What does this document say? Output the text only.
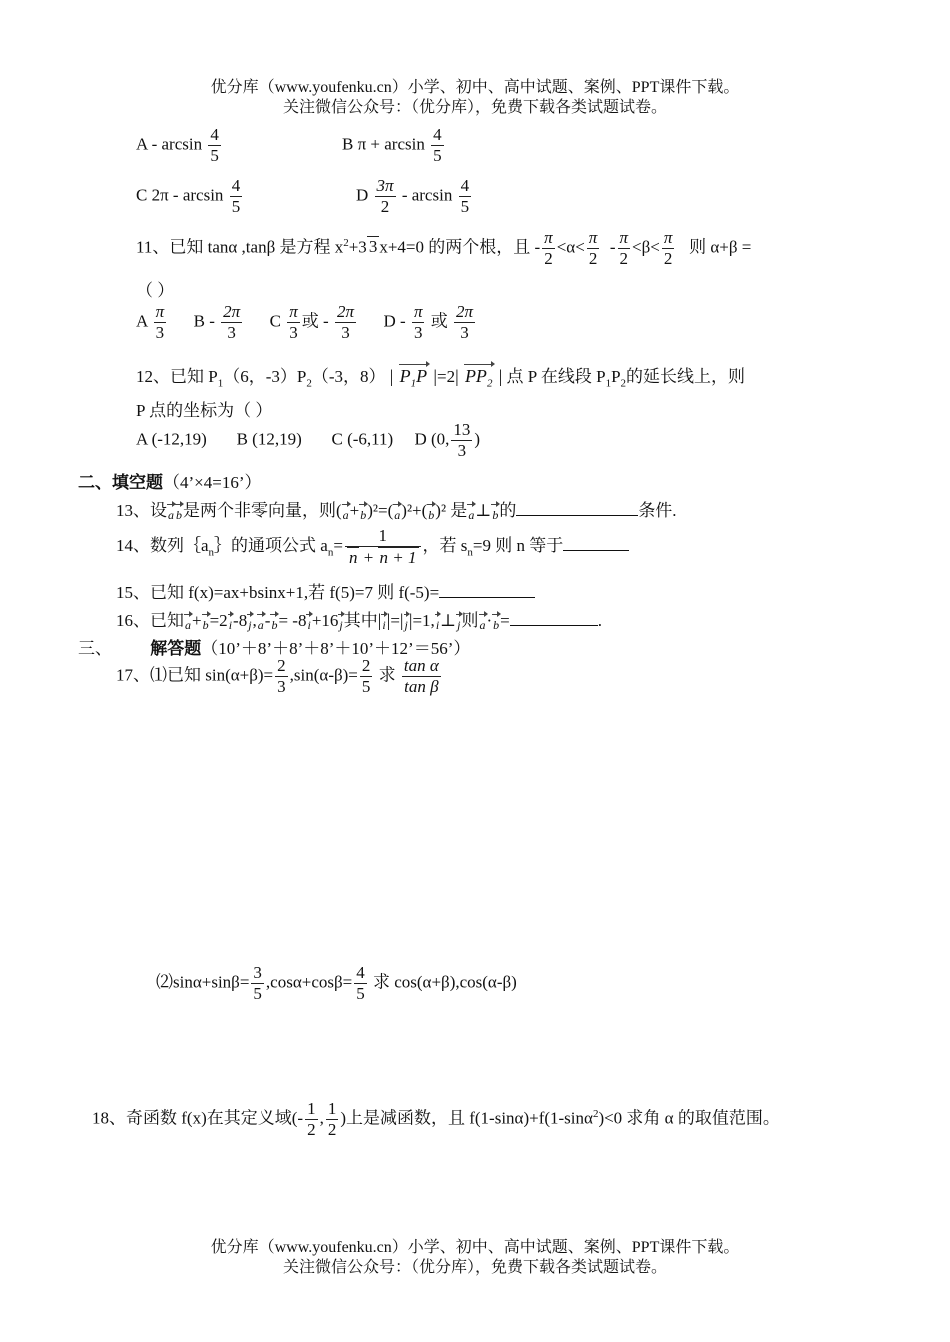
优分库（www.youfenku.cn）小学、初中、高中试题、案例、PPT课件下载。
关注微信公众号：（优分库），免费下载各类试题试卷。
A - $\arcsin \frac{4}{5}$	B $\pi + \arcsin \frac{4}{5}$
C $2\pi - \arcsin \frac{4}{5}$	D $\frac{3\pi}{2}$ - $\arcsin \frac{4}{5}$
11、已知 tanα ,tanβ 是方程 $x^2+3$ 3 x+4=0 的两个根，且 - $\frac{\pi}{2} <\alpha< \frac{\pi}{2} - \frac{\pi}{2} <\beta< \frac{\pi}{2}$ 则 α+β =
（ ）
A $\frac{\pi}{3}$ B - $\frac{2\pi}{3}$ C $\frac{\pi}{3}$ 或 - $\frac{2\pi}{3}$ D - $\frac{\pi}{3}$ 或 $\frac{2\pi}{3}$
12、已知 $P_1(6$，$-3)P_2(-3$，8） | $P_1P$ |=2| $PP_2$ | 点 P 在线段 $P_1P_2$的延长线上，则
P 点的坐标为（ ）
A (-12,19) B (12,19) C (-6,11) D (0, $\frac{13}{3}$ )
二、填空题（4’×4=16’）
13、设a b是两个非零向量，则(a+b)²=(a)²+(b)² 是a⊥b的	条件.
14、数列$\{a_n\}$的通项公式 $a_n= \frac{1}{n + n + 1}$ ，若 $s_n=9$ 则 n 等于
15、已知 f(x)=ax+bsinx+1,若 f(5)=7 则 f(-5)=
16、已知a+b=2i-8j,a-b= -8i+16j其中|i|=|j|=1,i⊥j则a·b=	.
三、 解答题（10’＋8’＋8’＋8’＋10’＋12’＝56’）
17、⑴已知 $\sin(\alpha+\beta)= \frac{2}{3} ,\sin(\alpha-\beta)= \frac{2}{5}$ 求 $\frac{\text{tan α}}{\text{tan β}}$
⑵sinα+sinβ= $\frac{3}{5} ,\cos\alpha+\cos\beta= \frac{4}{5}$ 求 cos(α+β),cos(α-β)
18、奇函数 f(x)在其定义域(- $\frac{1}{2}$ , $\frac{1}{2}$ )上是减函数，且 f(1-sinα)+f(1-sinα$^2$)<0 求角 α 的取值范围。
优分库（www.youfenku.cn）小学、初中、高中试题、案例、PPT课件下载。
关注微信公众号：（优分库），免费下载各类试题试卷。
